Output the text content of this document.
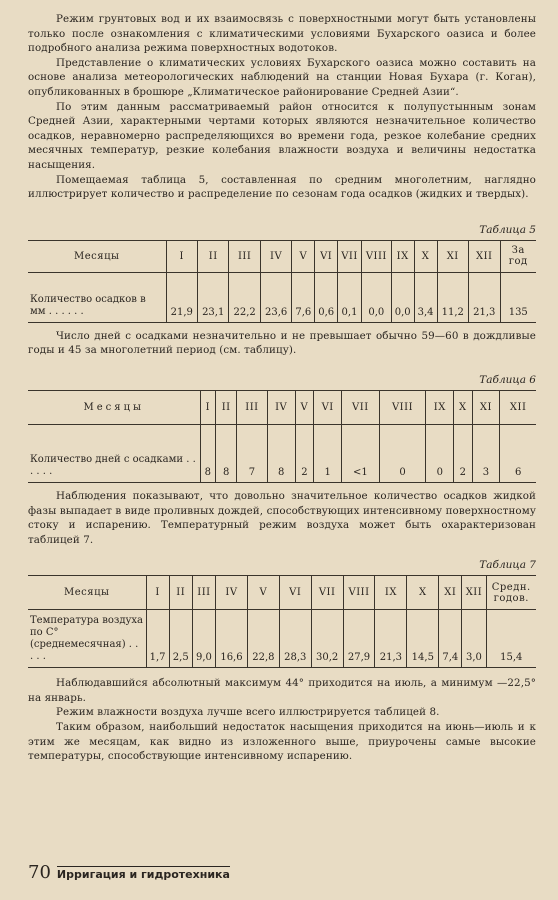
Режим грунтовых вод и их взаимосвязь с поверхностными могут быть установлены только после ознакомления с климатическими условиями Бухарского оазиса и более подробного анализа режима поверхностных водотоков.

Представление о климатических условиях Бухарского оазиса можно составить на основе анализа метеорологических наблюдений на станции Новая Бухара (г. Коган), опубликованных в брошюре „Климатическое районирование Средней Азии“.

По этим данным рассматриваемый район относится к полупустынным зонам Средней Азии, характерными чертами которых являются незначительное количество осадков, неравномерно распределяющихся во времени года, резкое колебание средних месячных температур, резкие колебания влажности воздуха и величины недостатка насыщения.

Помещаемая таблица 5, составленная по средним многолетним, наглядно иллюстрирует количество и распределение по сезонам года осадков (жидких и твердых).

Таблица 5

Месяцы	I	II	III	IV	V	VI	VII	VIII	IX	X	XI	XII	За год
Количество осадков в мм . . . . . .	21,9	23,1	22,2	23,6	7,6	0,6	0,1	0,0	0,0	3,4	11,2	21,3	135

Число дней с осадками незначительно и не превышает обычно 59—60 в дождливые годы и 45 за многолетний период (см. таблицу).

Таблица 6

Месяцы	I	II	III	IV	V	VI	VII	VIII	IX	X	XI	XII
Количество дней с осадками . . . . . .	8	8	7	8	2	1	<1	0	0	2	3	6

Наблюдения показывают, что довольно значительное количество осадков жидкой фазы выпадает в виде проливных дождей, способствующих интенсивному поверхностному стоку и испарению. Температурный режим воздуха может быть охарактеризован таблицей 7.

Таблица 7

Месяцы	I	II	III	IV	V	VI	VII	VIII	IX	X	XI	XII	Средн. годов.
Температура воздуха по C° (среднемесячная) . . . . .	1,7	2,5	9,0	16,6	22,8	28,3	30,2	27,9	21,3	14,5	7,4	3,0	15,4

Наблюдавшийся абсолютный максимум 44° приходится на июль, а минимум —22,5° на январь.

Режим влажности воздуха лучше всего иллюстрируется таблицей 8.

Таким образом, наибольший недостаток насыщения приходится на июнь—июль и к этим же месяцам, как видно из изложенного выше, приурочены самые высокие температуры, способствующие интенсивному испарению.

70 Ирригация и гидротехника
